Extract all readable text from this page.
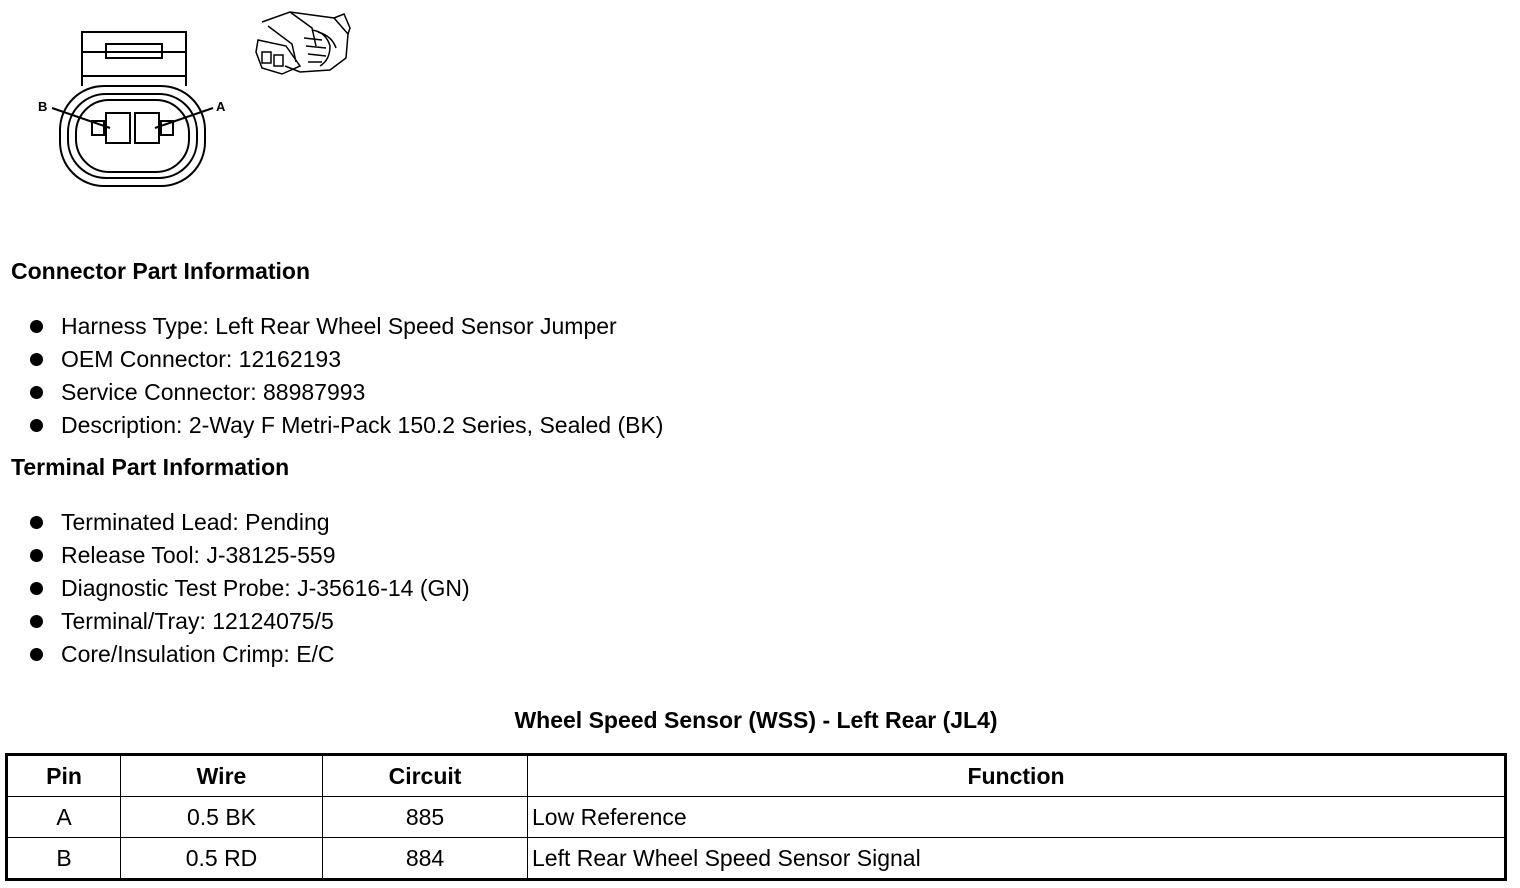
B	A
Connector Part Information
Harness Type: Left Rear Wheel Speed Sensor Jumper
OEM Connector: 12162193
Service Connector: 88987993
Description: 2-Way F Metri-Pack 150.2 Series, Sealed (BK)
Terminal Part Information
Terminated Lead: Pending
Release Tool: J-38125-559
Diagnostic Test Probe: J-35616-14 (GN)
Terminal/Tray: 12124075/5
Core/Insulation Crimp: E/C
Wheel Speed Sensor (WSS) - Left Rear (JL4)
Pin	Wire	Circuit	Function
A	0.5 BK	885	Low Reference
B	0.5 RD	884	Left Rear Wheel Speed Sensor Signal
